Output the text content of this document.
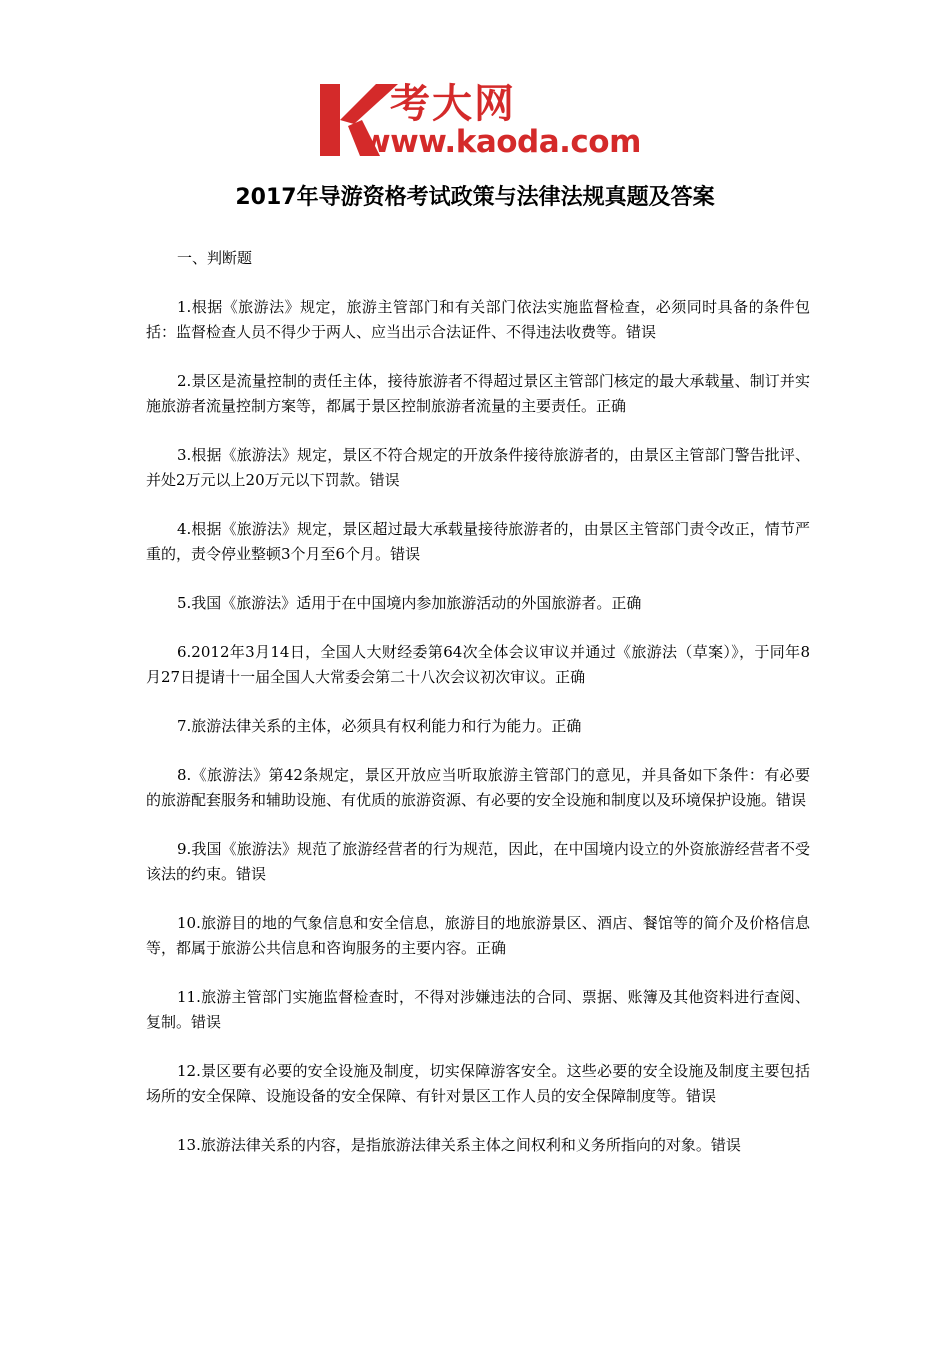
考大网
www.kaoda.com
2017年导游资格考试政策与法律法规真题及答案

一、判断题

1.根据《旅游法》规定，旅游主管部门和有关部门依法实施监督检查，必须同时具备的条件包括：监督检查人员不得少于两人、应当出示合法证件、不得违法收费等。错误

2.景区是流量控制的责任主体，接待旅游者不得超过景区主管部门核定的最大承载量、制订并实施旅游者流量控制方案等，都属于景区控制旅游者流量的主要责任。正确

3.根据《旅游法》规定，景区不符合规定的开放条件接待旅游者的，由景区主管部门警告批评、并处2万元以上20万元以下罚款。错误

4.根据《旅游法》规定，景区超过最大承载量接待旅游者的，由景区主管部门责令改正，情节严重的，责令停业整顿3个月至6个月。错误

5.我国《旅游法》适用于在中国境内参加旅游活动的外国旅游者。正确

6.2012年3月14日，全国人大财经委第64次全体会议审议并通过《旅游法（草案）》，于同年8月27日提请十一届全国人大常委会第二十八次会议初次审议。正确

7.旅游法律关系的主体，必须具有权利能力和行为能力。正确

8.《旅游法》第42条规定，景区开放应当听取旅游主管部门的意见，并具备如下条件：有必要的旅游配套服务和辅助设施、有优质的旅游资源、有必要的安全设施和制度以及环境保护设施。错误

9.我国《旅游法》规范了旅游经营者的行为规范，因此，在中国境内设立的外资旅游经营者不受该法的约束。错误

10.旅游目的地的气象信息和安全信息，旅游目的地旅游景区、酒店、餐馆等的简介及价格信息等，都属于旅游公共信息和咨询服务的主要内容。正确

11.旅游主管部门实施监督检查时，不得对涉嫌违法的合同、票据、账簿及其他资料进行查阅、复制。错误

12.景区要有必要的安全设施及制度，切实保障游客安全。这些必要的安全设施及制度主要包括场所的安全保障、设施设备的安全保障、有针对景区工作人员的安全保障制度等。错误

13.旅游法律关系的内容，是指旅游法律关系主体之间权利和义务所指向的对象。错误
